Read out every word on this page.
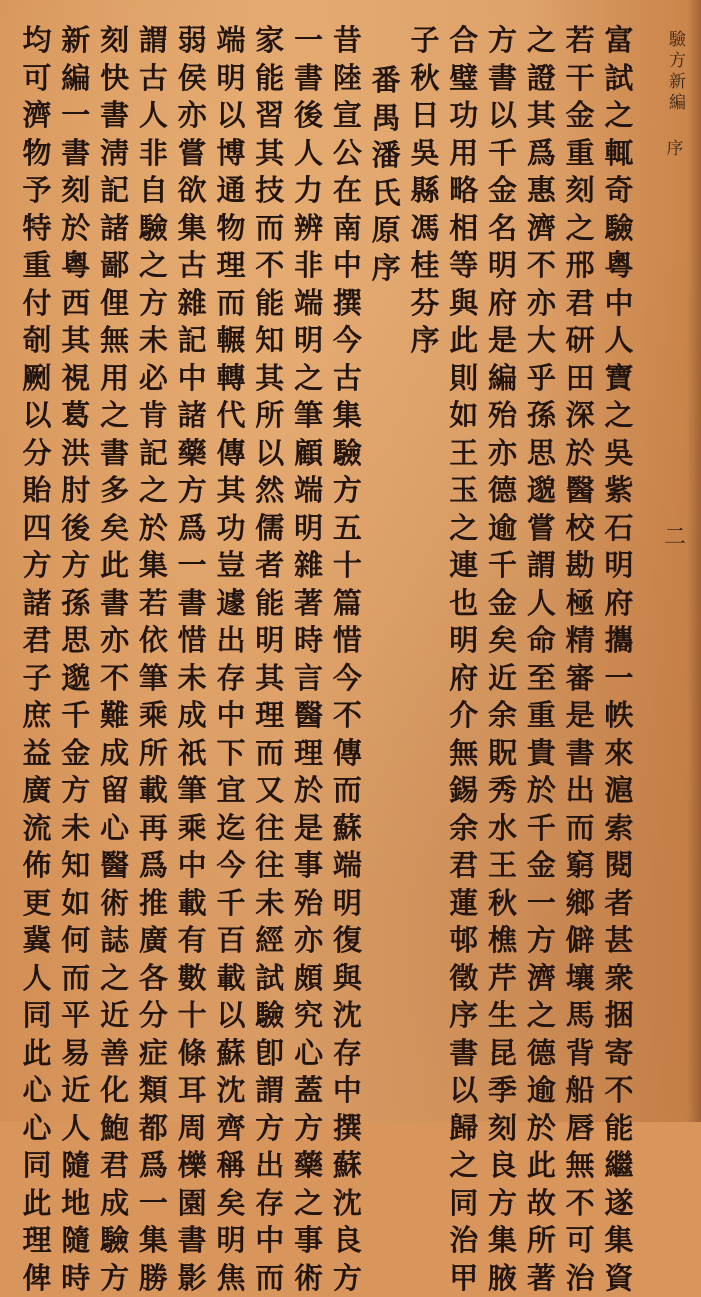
驗方新編
序
二
富
試
之
輒
奇
驗
粵
中
人
寶
之
吳
紫
石
明
府
攜
一
帙
來
滬
索
閱
者
甚
衆
捆
寄
不
能
繼
遂
集
資
若
干
金
重
刻
之
邢
君
研
田
深
於
醫
校
勘
極
精
審
是
書
出
而
窮
鄉
僻
壤
馬
背
船
唇
無
不
可
治
之
證
其
爲
惠
濟
不
亦
大
乎
孫
思
邈
嘗
謂
人
命
至
重
貴
於
千
金
一
方
濟
之
德
逾
於
此
故
所
著
方
書
以
千
金
名
明
府
是
編
殆
亦
德
逾
千
金
矣
近
余
貺
秀
水
王
秋
樵
芹
生
昆
季
刻
良
方
集
腋
合
璧
功
用
略
相
等
與
此
則
如
王
玉
之
連
也
明
府
介
無
錫
余
君
蓮
邨
徵
序
書
以
歸
之
同
治
甲
子
秋
日
吳
縣
馮
桂
芬
序
番
禺
潘
氏
原
序
昔
陸
宣
公
在
南
中
撰
今
古
集
驗
方
五
十
篇
惜
今
不
傳
而
蘇
端
明
復
與
沈
存
中
撰
蘇
沈
良
方
一
書
後
人
力
辨
非
端
明
之
筆
顧
端
明
雜
著
時
言
醫
理
於
是
事
殆
亦
頗
究
心
蓋
方
藥
之
事
術
家
能
習
其
技
而
不
能
知
其
所
以
然
儒
者
能
明
其
理
而
又
往
往
未
經
試
驗
卽
謂
方
出
存
中
而
端
明
以
博
通
物
理
而
輾
轉
代
傳
其
功
豈
遽
出
存
中
下
宜
迄
今
千
百
載
以
蘇
沈
齊
稱
矣
明
焦
弱
侯
亦
嘗
欲
集
古
雜
記
中
諸
藥
方
爲
一
書
惜
未
成
祇
筆
乘
中
載
有
數
十
條
耳
周
櫟
園
書
影
謂
古
人
非
自
驗
之
方
未
必
肯
記
之
於
集
若
依
筆
乘
所
載
再
爲
推
廣
各
分
症
類
都
爲
一
集
勝
刻
快
書
淸
記
諸
鄙
俚
無
用
之
書
多
矣
此
書
亦
不
難
成
留
心
醫
術
誌
之
近
善
化
鮑
君
成
驗
方
新
編
一
書
刻
於
粵
西
其
視
葛
洪
肘
後
方
孫
思
邈
千
金
方
未
知
如
何
而
平
易
近
人
隨
地
隨
時
均
可
濟
物
予
特
重
付
剞
劂
以
分
貽
四
方
諸
君
子
庶
益
廣
流
佈
更
冀
人
同
此
心
心
同
此
理
俾
